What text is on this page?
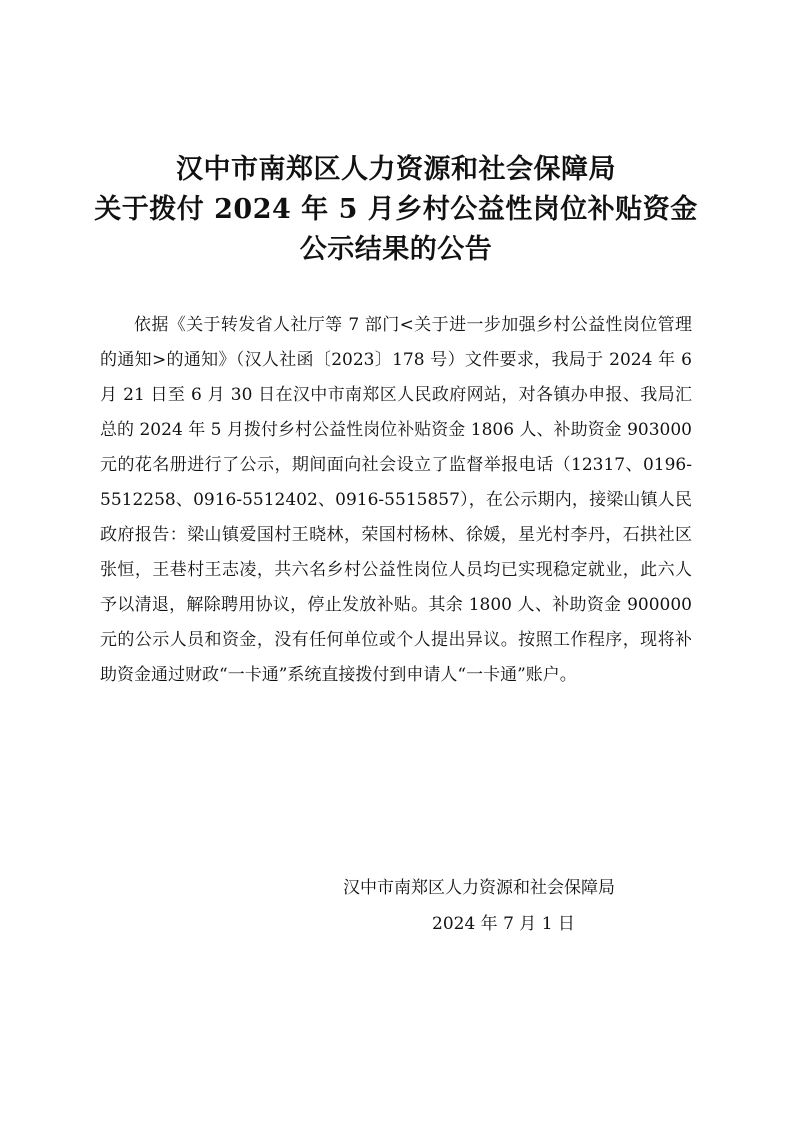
汉中市南郑区人力资源和社会保障局
关于拨付 2024 年 5 月乡村公益性岗位补贴资金
公示结果的公告

依据《关于转发省人社厅等 7 部门<关于进一步加强乡村公益性岗位管理的通知>的通知》（汉人社函〔2023〕178 号）文件要求，我局于 2024 年 6 月 21 日至 6 月 30 日在汉中市南郑区人民政府网站，对各镇办申报、我局汇总的 2024 年 5 月拨付乡村公益性岗位补贴资金 1806 人、补助资金 903000 元的花名册进行了公示，期间面向社会设立了监督举报电话（12317、0196-5512258、0916-5512402、0916-5515857），在公示期内，接梁山镇人民政府报告：梁山镇爱国村王晓林，荣国村杨林、徐媛，星光村李丹，石拱社区张恒，王巷村王志凌，共六名乡村公益性岗位人员均已实现稳定就业，此六人予以清退，解除聘用协议，停止发放补贴。其余 1800 人、补助资金 900000 元的公示人员和资金，没有任何单位或个人提出异议。按照工作程序，现将补助资金通过财政“一卡通”系统直接拨付到申请人“一卡通”账户。

汉中市南郑区人力资源和社会保障局
2024 年 7 月 1 日
